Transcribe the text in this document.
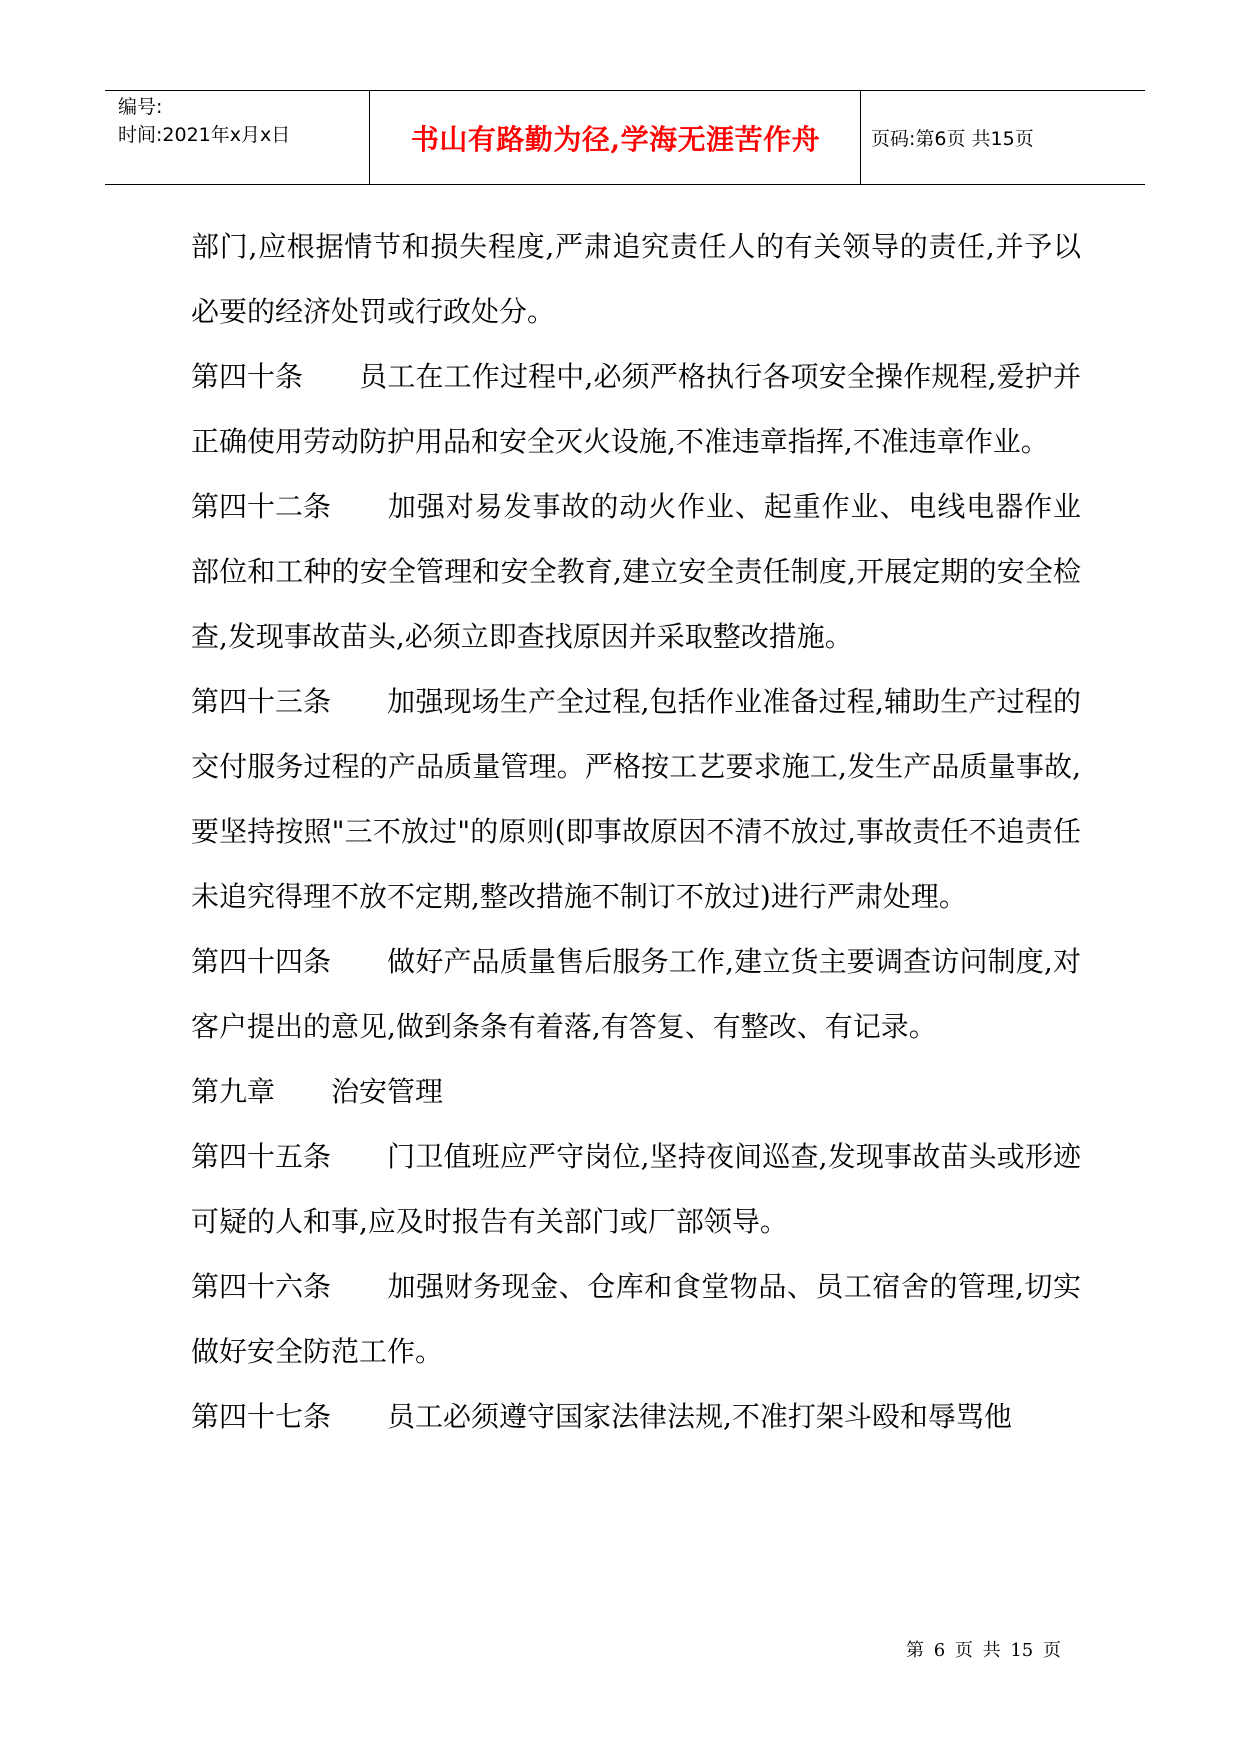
编号:
时间:2021年x月x日	书山有路勤为径,学海无涯苦作舟	页码:第6页 共15页

部门,应根据情节和损失程度,严肃追究责任人的有关领导的责任,并予以必要的经济处罚或行政处分。

第四十条 员工在工作过程中,必须严格执行各项安全操作规程,爱护并正确使用劳动防护用品和安全灭火设施,不准违章指挥,不准违章作业。

第四十二条 加强对易发事故的动火作业、起重作业、电线电器作业部位和工种的安全管理和安全教育,建立安全责任制度,开展定期的安全检查,发现事故苗头,必须立即查找原因并采取整改措施。

第四十三条 加强现场生产全过程,包括作业准备过程,辅助生产过程的交付服务过程的产品质量管理。严格按工艺要求施工,发生产品质量事故,要坚持按照"三不放过"的原则(即事故原因不清不放过,事故责任不追责任未追究得理不放不定期,整改措施不制订不放过)进行严肃处理。

第四十四条 做好产品质量售后服务工作,建立货主要调查访问制度,对客户提出的意见,做到条条有着落,有答复、有整改、有记录。

第九章 治安管理

第四十五条 门卫值班应严守岗位,坚持夜间巡查,发现事故苗头或形迹可疑的人和事,应及时报告有关部门或厂部领导。

第四十六条 加强财务现金、仓库和食堂物品、员工宿舍的管理,切实做好安全防范工作。

第四十七条 员工必须遵守国家法律法规,不准打架斗殴和辱骂他

第 6 页 共 15 页
